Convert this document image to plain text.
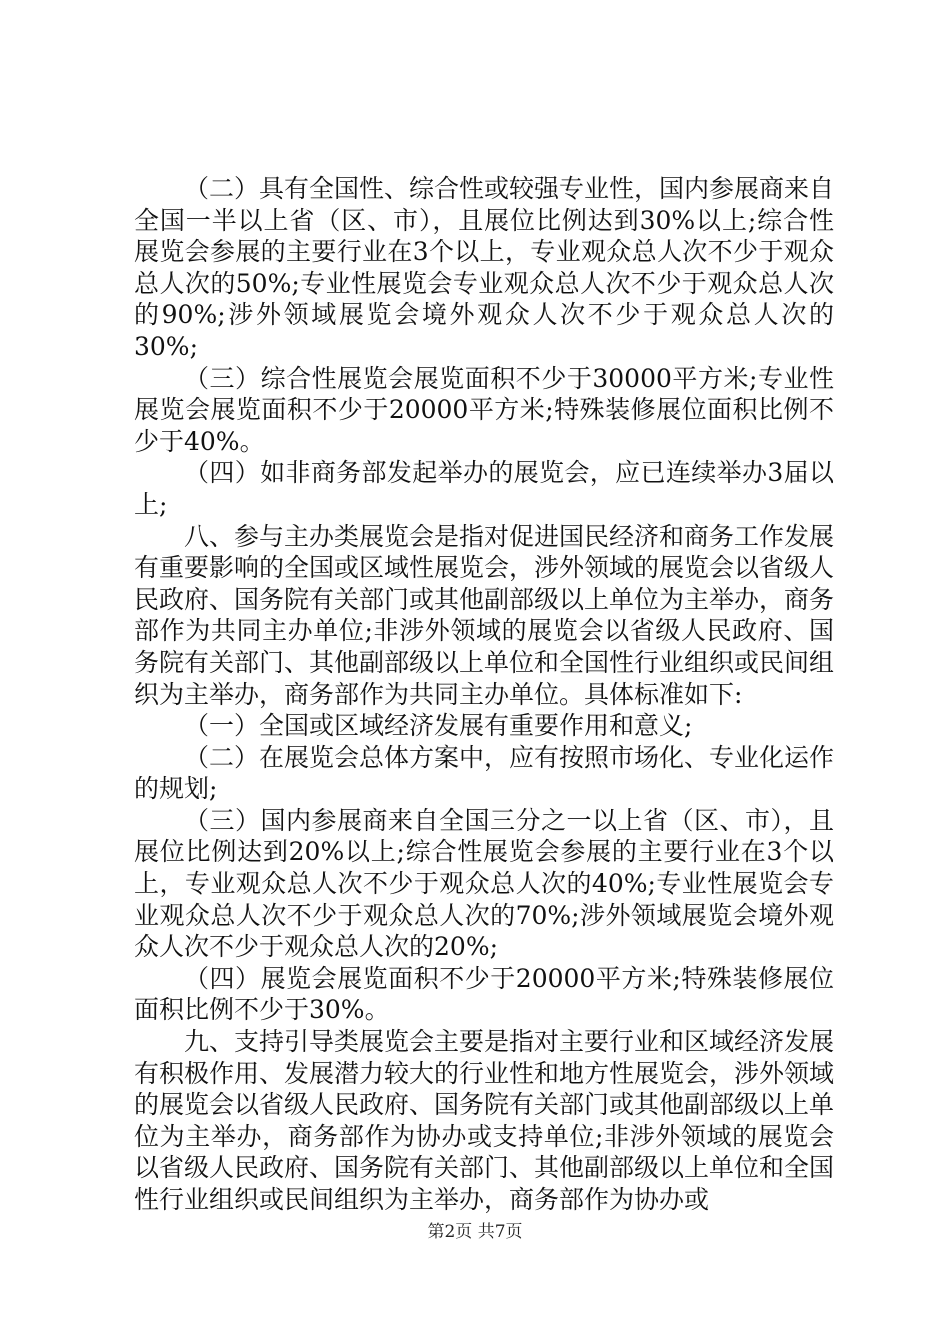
（二）具有全国性、综合性或较强专业性，国内参展商来自全国一半以上省（区、市），且展位比例达到30%以上;综合性展览会参展的主要行业在3个以上，专业观众总人次不少于观众总人次的50%;专业性展览会专业观众总人次不少于观众总人次的90%;涉外领域展览会境外观众人次不少于观众总人次的30%;

（三）综合性展览会展览面积不少于30000平方米;专业性展览会展览面积不少于20000平方米;特殊装修展位面积比例不少于40%。

（四）如非商务部发起举办的展览会，应已连续举办3届以上;

八、参与主办类展览会是指对促进国民经济和商务工作发展有重要影响的全国或区域性展览会，涉外领域的展览会以省级人民政府、国务院有关部门或其他副部级以上单位为主举办，商务部作为共同主办单位;非涉外领域的展览会以省级人民政府、国务院有关部门、其他副部级以上单位和全国性行业组织或民间组织为主举办，商务部作为共同主办单位。具体标准如下:

（一）全国或区域经济发展有重要作用和意义;

（二）在展览会总体方案中，应有按照市场化、专业化运作的规划;

（三）国内参展商来自全国三分之一以上省（区、市），且展位比例达到20%以上;综合性展览会参展的主要行业在3个以上，专业观众总人次不少于观众总人次的40%;专业性展览会专业观众总人次不少于观众总人次的70%;涉外领域展览会境外观众人次不少于观众总人次的20%;

（四）展览会展览面积不少于20000平方米;特殊装修展位面积比例不少于30%。

九、支持引导类展览会主要是指对主要行业和区域经济发展有积极作用、发展潜力较大的行业性和地方性展览会，涉外领域的展览会以省级人民政府、国务院有关部门或其他副部级以上单位为主举办，商务部作为协办或支持单位;非涉外领域的展览会以省级人民政府、国务院有关部门、其他副部级以上单位和全国性行业组织或民间组织为主举办，商务部作为协办或

第2页 共7页
